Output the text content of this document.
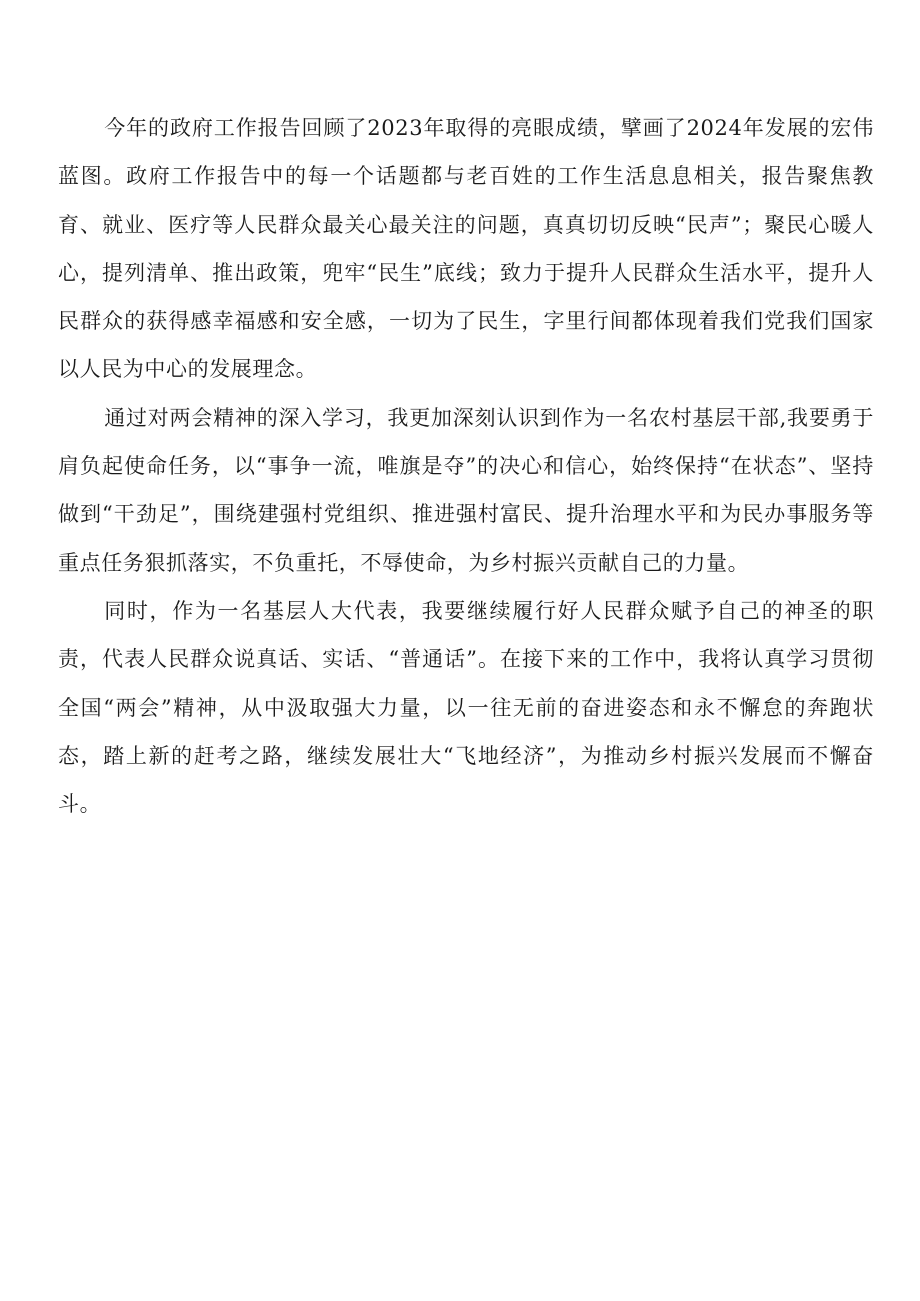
今年的政府工作报告回顾了2023年取得的亮眼成绩，擘画了2024年发展的宏伟蓝图。政府工作报告中的每一个话题都与老百姓的工作生活息息相关，报告聚焦教育、就业、医疗等人民群众最关心最关注的问题，真真切切反映“民声”；聚民心暖人心，提列清单、推出政策，兜牢“民生”底线；致力于提升人民群众生活水平，提升人民群众的获得感幸福感和安全感，一切为了民生，字里行间都体现着我们党我们国家以人民为中心的发展理念。

通过对两会精神的深入学习，我更加深刻认识到作为一名农村基层干部,我要勇于肩负起使命任务，以“事争一流，唯旗是夺”的决心和信心，始终保持“在状态”、坚持做到“干劲足”，围绕建强村党组织、推进强村富民、提升治理水平和为民办事服务等重点任务狠抓落实，不负重托，不辱使命，为乡村振兴贡献自己的力量。

同时，作为一名基层人大代表，我要继续履行好人民群众赋予自己的神圣的职责，代表人民群众说真话、实话、“普通话”。在接下来的工作中，我将认真学习贯彻全国“两会”精神，从中汲取强大力量，以一往无前的奋进姿态和永不懈怠的奔跑状态，踏上新的赶考之路，继续发展壮大“飞地经济”，为推动乡村振兴发展而不懈奋斗。
